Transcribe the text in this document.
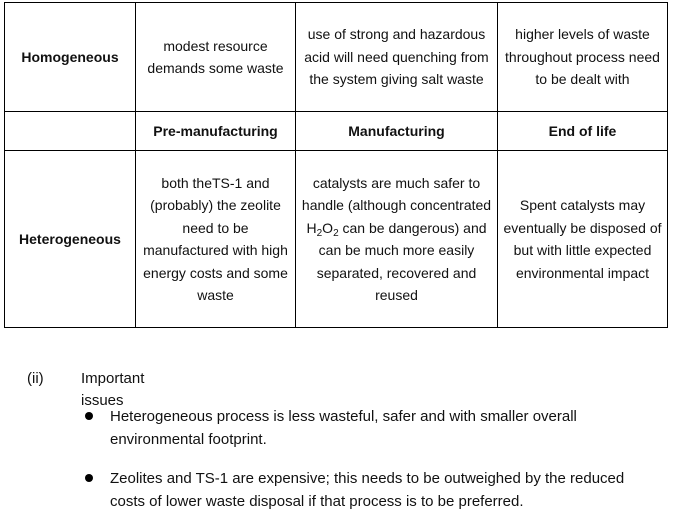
Homogeneous	modest resource demands some waste	use of strong and hazardous acid will need quenching from the system giving salt waste	higher levels of waste throughout process need to be dealt with
	Pre-manufacturing	Manufacturing	End of life
Heterogeneous	both theTS-1 and (probably) the zeolite need to be manufactured with high energy costs and some waste	catalysts are much safer to handle (although concentrated $H_2O_2$ can be dangerous) and can be much more easily separated, recovered and reused	Spent catalysts may eventually be disposed of but with little expected environmental impact

(ii) Important issues

Heterogeneous process is less wasteful, safer and with smaller overall environmental footprint.

Zeolites and TS-1 are expensive; this needs to be outweighed by the reduced costs of lower waste disposal if that process is to be preferred.
